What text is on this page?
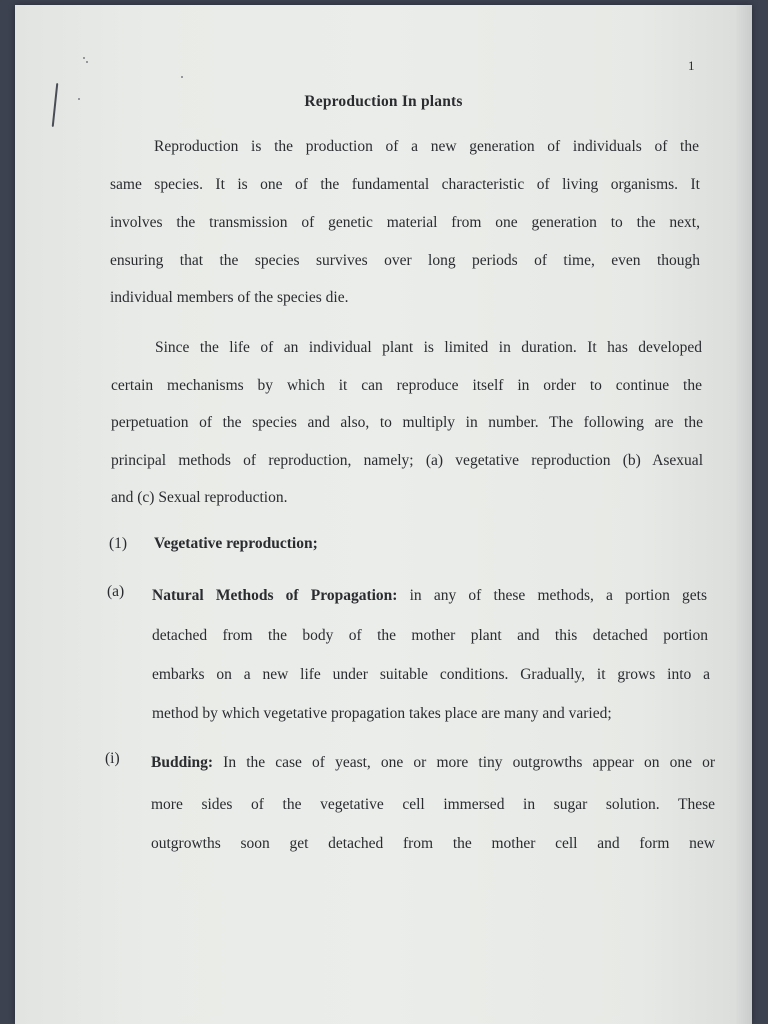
1
Reproduction In plants
Reproduction is the production of a new generation of individuals of the
same species. It is one of the fundamental characteristic of living organisms. It
involves the transmission of genetic material from one generation to the next,
ensuring that the species survives over long periods of time, even though
individual members of the species die.
Since the life of an individual plant is limited in duration. It has developed
certain mechanisms by which it can reproduce itself in order to continue the
perpetuation of the species and also, to multiply in number. The following are the
principal methods of reproduction, namely; (a) vegetative reproduction (b) Asexual
and (c) Sexual reproduction.
(1) Vegetative reproduction;
(a) Natural Methods of Propagation: in any of these methods, a portion gets
detached from the body of the mother plant and this detached portion
embarks on a new life under suitable conditions. Gradually, it grows into a
method by which vegetative propagation takes place are many and varied;
(i) Budding: In the case of yeast, one or more tiny outgrowths appear on one or
more sides of the vegetative cell immersed in sugar solution. These
outgrowths soon get detached from the mother cell and form new
